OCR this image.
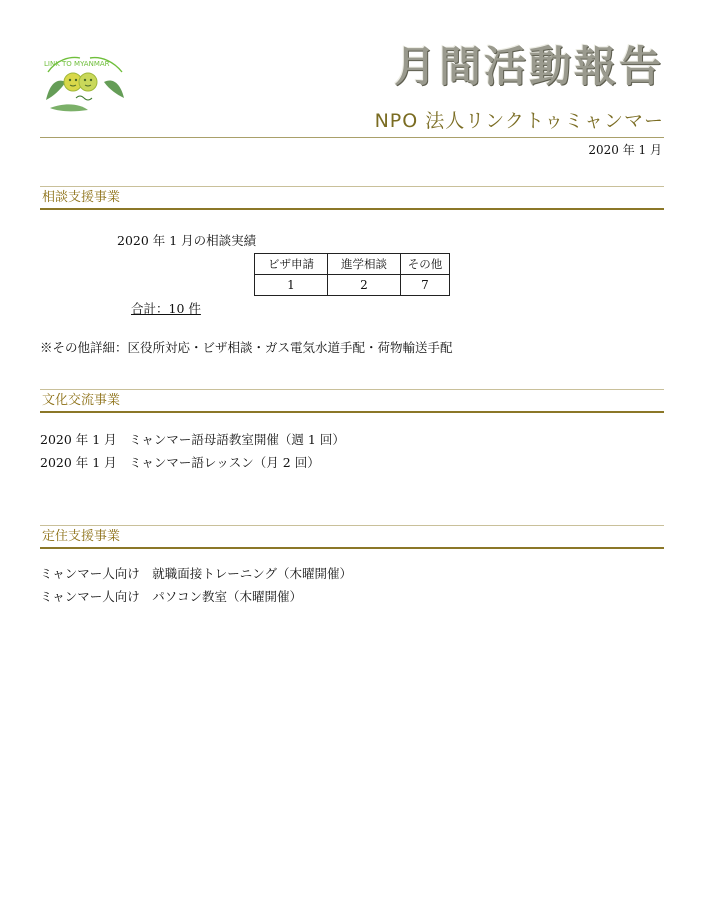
LINK TO MYANMAR	月間活動報告
NPO 法人リンクトゥミャンマー
2020 年 1 月
相談支援事業
2020 年 1 月の相談実績
ビザ申請	進学相談	その他
1	2	7
合計：10 件
※その他詳細：区役所対応・ビザ相談・ガス電気水道手配・荷物輸送手配
文化交流事業
2020 年 1 月　ミャンマー語母語教室開催（週 1 回）
2020 年 1 月　ミャンマー語レッスン（月 2 回）
定住支援事業
ミャンマー人向け　就職面接トレーニング（木曜開催）
ミャンマー人向け　パソコン教室（木曜開催）
